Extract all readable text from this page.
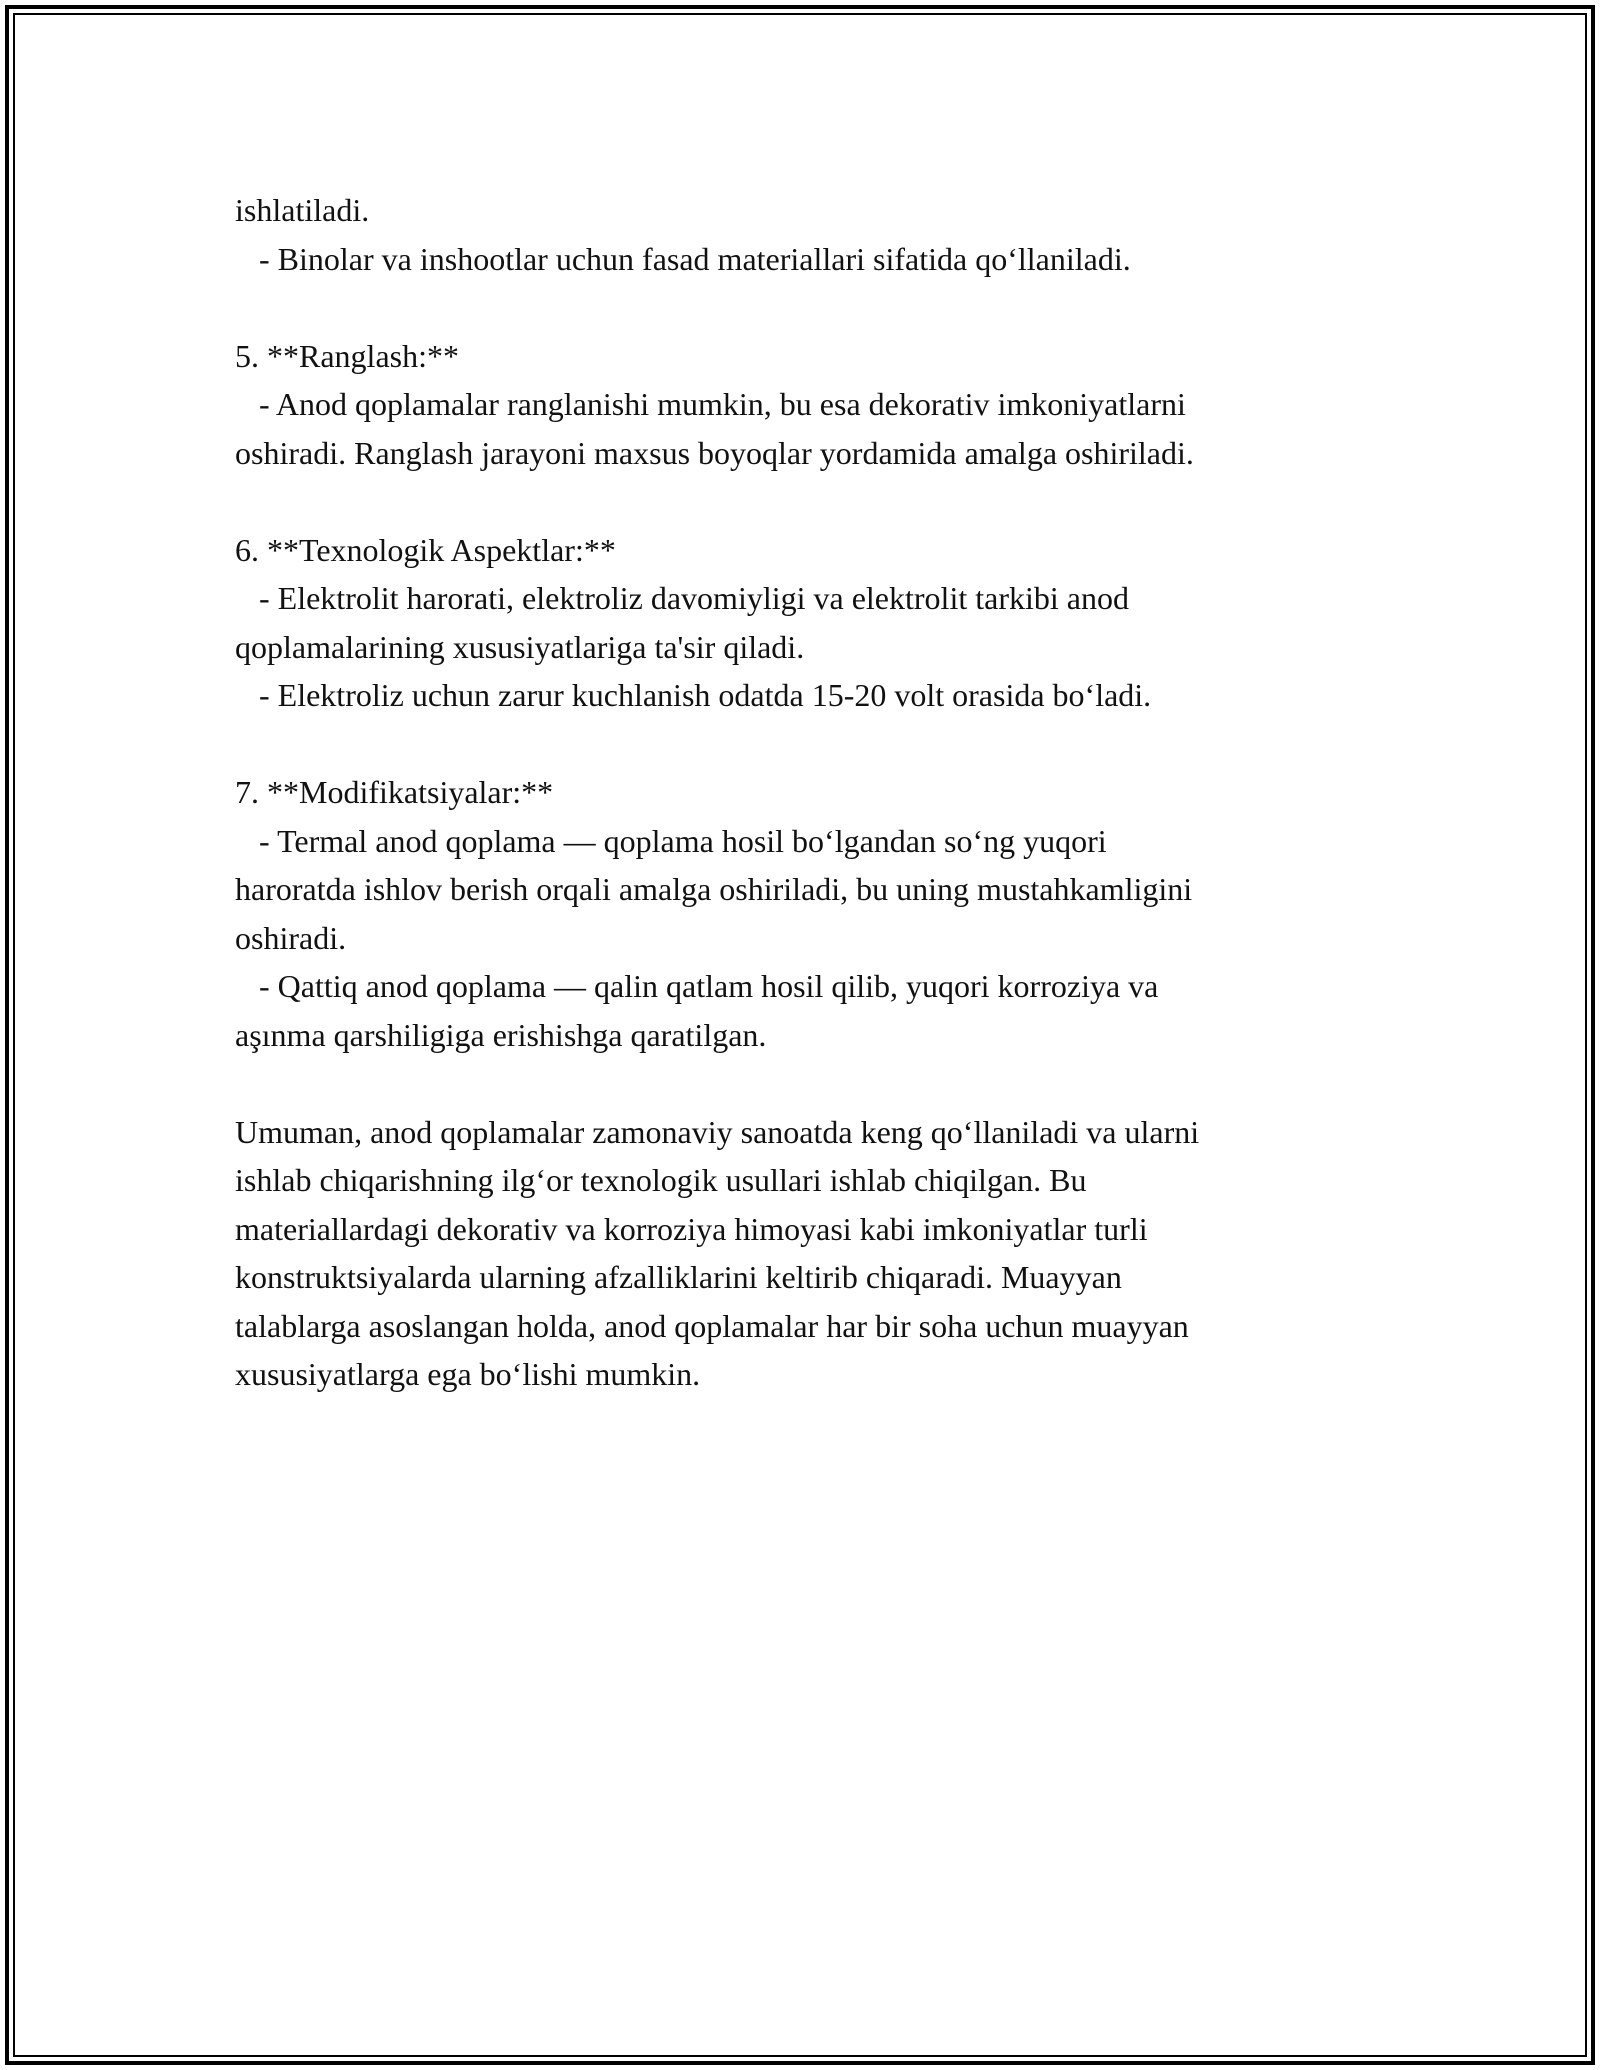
ishlatiladi.

- Binolar va inshootlar uchun fasad materiallari sifatida qo‘llaniladi.

5. **Ranglash:**

- Anod qoplamalar ranglanishi mumkin, bu esa dekorativ imkoniyatlarni

oshiradi. Ranglash jarayoni maxsus boyoqlar yordamida amalga oshiriladi.

6. **Texnologik Aspektlar:**

- Elektrolit harorati, elektroliz davomiyligi va elektrolit tarkibi anod

qoplamalarining xususiyatlariga ta'sir qiladi.

- Elektroliz uchun zarur kuchlanish odatda 15-20 volt orasida bo‘ladi.

7. **Modifikatsiyalar:**

- Termal anod qoplama — qoplama hosil bo‘lgandan so‘ng yuqori

haroratda ishlov berish orqali amalga oshiriladi, bu uning mustahkamligini

oshiradi.

- Qattiq anod qoplama — qalin qatlam hosil qilib, yuqori korroziya va

aşınma qarshiligiga erishishga qaratilgan.

Umuman, anod qoplamalar zamonaviy sanoatda keng qo‘llaniladi va ularni

ishlab chiqarishning ilg‘or texnologik usullari ishlab chiqilgan. Bu

materiallardagi dekorativ va korroziya himoyasi kabi imkoniyatlar turli

konstruktsiyalarda ularning afzalliklarini keltirib chiqaradi. Muayyan

talablarga asoslangan holda, anod qoplamalar har bir soha uchun muayyan

xususiyatlarga ega bo‘lishi mumkin.
